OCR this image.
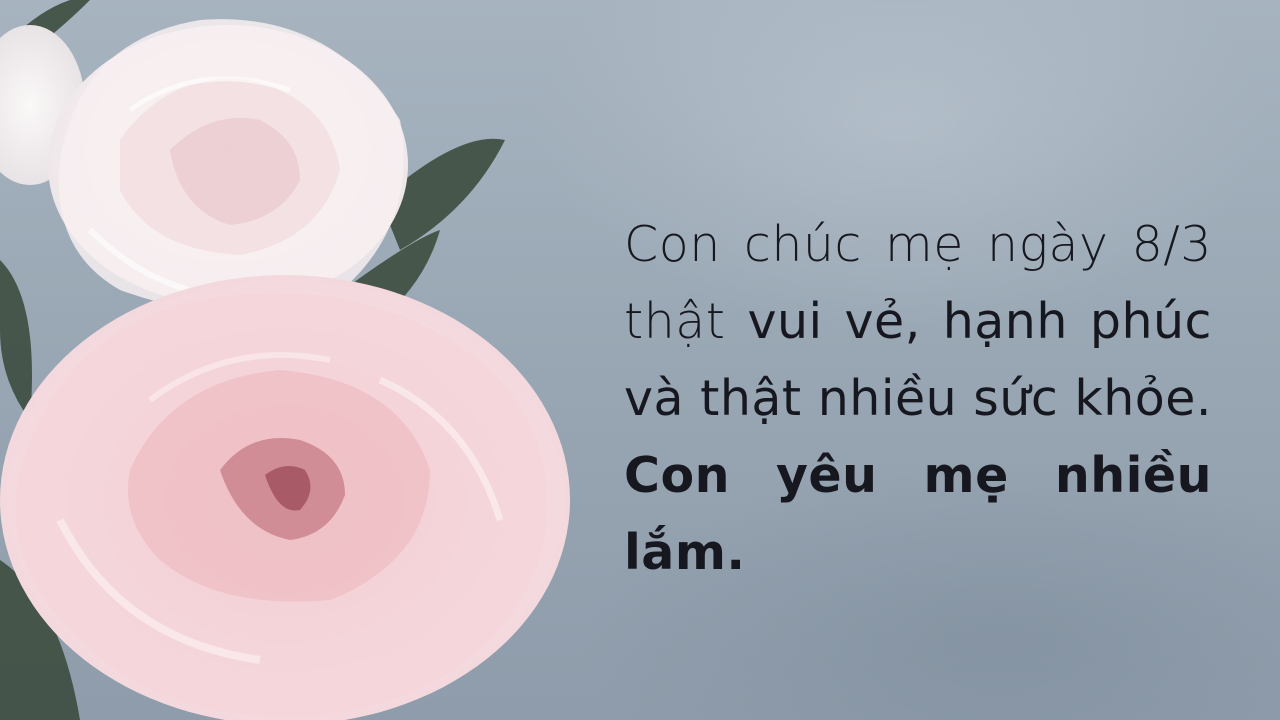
Con chúc mẹ ngày 8/3 thật vui vẻ, hạnh phúc và thật nhiều sức khỏe. Con yêu mẹ nhiều lắm.
